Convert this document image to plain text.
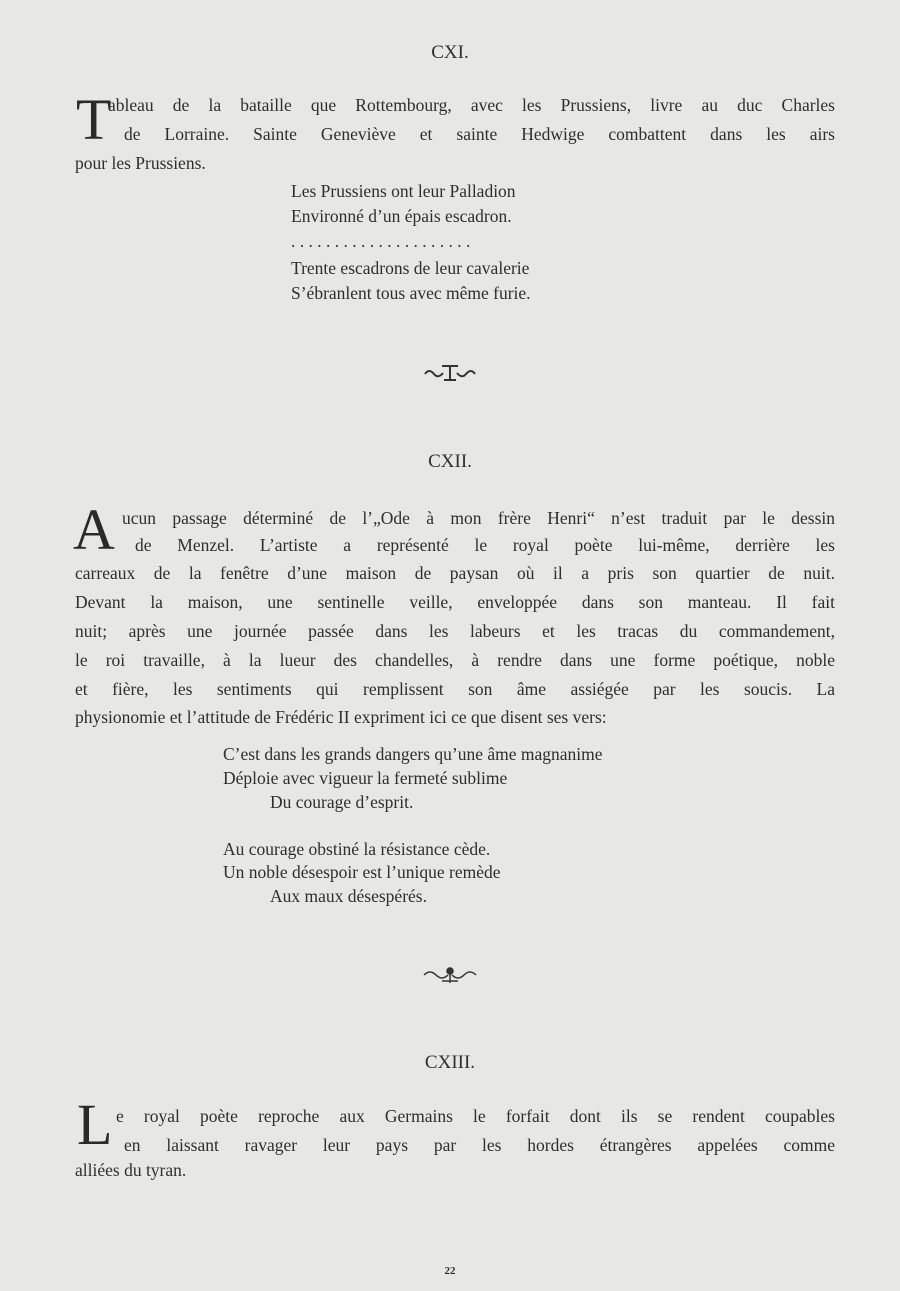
CXI.
T
ableau de la bataille que Rottembourg, avec les Prussiens, livre au duc Charles
de Lorraine. Sainte Geneviève et sainte Hedwige combattent dans les airs
pour les Prussiens.
Les Prussiens ont leur Palladion
Environné d’un épais escadron.
. . . . . . . . . . . . . . . . . . . . .
Trente escadrons de leur cavalerie
S’ébranlent tous avec même furie.
CXII.
A ucun passage déterminé de l’„Ode à mon frère Henri“ n’est traduit par le dessin
de Menzel. L’artiste a représenté le royal poète lui-même, derrière les
carreaux de la fenêtre d’une maison de paysan où il a pris son quartier de nuit.
Devant la maison, une sentinelle veille, enveloppée dans son manteau. Il fait
nuit; après une journée passée dans les labeurs et les tracas du commandement,
le roi travaille, à la lueur des chandelles, à rendre dans une forme poétique, noble
et fière, les sentiments qui remplissent son âme assiégée par les soucis. La
physionomie et l’attitude de Frédéric II expriment ici ce que disent ses vers:
C’est dans les grands dangers qu’une âme magnanime
Déploie avec vigueur la fermeté sublime
Du courage d’esprit.
Au courage obstiné la résistance cède.
Un noble désespoir est l’unique remède
Aux maux désespérés.
CXIII.
L e royal poète reproche aux Germains le forfait dont ils se rendent coupables
en laissant ravager leur pays par les hordes étrangères appelées comme
alliées du tyran.
22
